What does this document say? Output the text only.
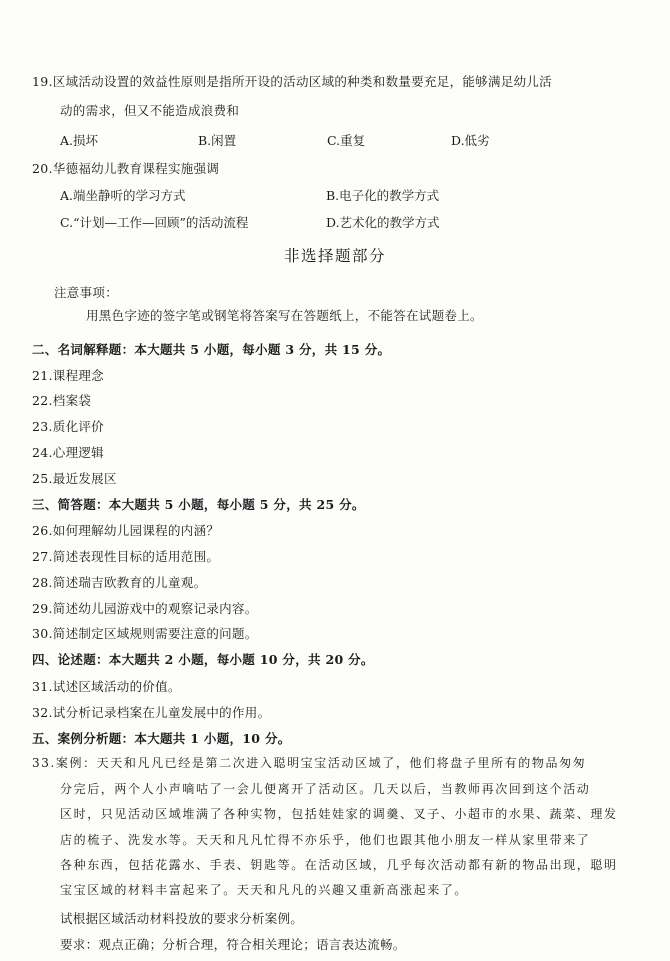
19.区域活动设置的效益性原则是指所开设的活动区域的种类和数量要充足，能够满足幼儿活
动的需求，但又不能造成浪费和
A.损坏	B.闲置	C.重复	D.低劣
20.华德福幼儿教育课程实施强调
A.端坐静听的学习方式	B.电子化的教学方式
C.“计划—工作—回顾”的活动流程	D.艺术化的教学方式
非选择题部分
注意事项：
用黑色字迹的签字笔或钢笔将答案写在答题纸上，不能答在试题卷上。
二、名词解释题：本大题共 5 小题，每小题 3 分，共 15 分。
21.课程理念
22.档案袋
23.质化评价
24.心理逻辑
25.最近发展区
三、简答题：本大题共 5 小题，每小题 5 分，共 25 分。
26.如何理解幼儿园课程的内涵？
27.简述表现性目标的适用范围。
28.简述瑞吉欧教育的儿童观。
29.简述幼儿园游戏中的观察记录内容。
30.简述制定区域规则需要注意的问题。
四、论述题：本大题共 2 小题，每小题 10 分，共 20 分。
31.试述区域活动的价值。
32.试分析记录档案在儿童发展中的作用。
五、案例分析题：本大题共 1 小题，10 分。
33.案例：天天和凡凡已经是第二次进入聪明宝宝活动区域了，他们将盘子里所有的物品匆匆
分完后，两个人小声嘀咕了一会儿便离开了活动区。几天以后，当教师再次回到这个活动
区时，只见活动区域堆满了各种实物，包括娃娃家的调羹、叉子、小超市的水果、蔬菜、理发
店的梳子、洗发水等。天天和凡凡忙得不亦乐乎，他们也跟其他小朋友一样从家里带来了
各种东西，包括花露水、手表、钥匙等。在活动区域，几乎每次活动都有新的物品出现，聪明
宝宝区域的材料丰富起来了。天天和凡凡的兴趣又重新高涨起来了。
试根据区域活动材料投放的要求分析案例。
要求：观点正确；分析合理，符合相关理论；语言表达流畅。
